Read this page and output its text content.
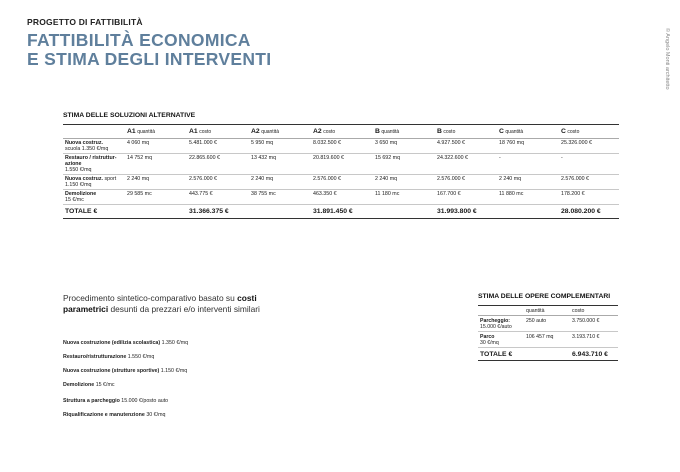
PROGETTO DI FATTIBILITÀ
FATTIBILITÀ ECONOMICA
E STIMA DEGLI INTERVENTI	© Angelo Monti architetto
STIMA DELLE SOLUZIONI ALTERNATIVE
	A1 quantità	A1 costo	A2 quantità	A2 costo	B quantità	B costo	C quantità	C costo
Nuova costruz.
scuola 1.350 €/mq	4 060 mq	5.481.000 €	5 950 mq	8.032.500 €	3 650 mq	4.927.500 €	18 760 mq	25.326.000 €
Restauro / ristruttur- azione
1.550 €/mq	14 752 mq	22.865.600 €	13 432 mq	20.819.600 €	15 692 mq	24.322.600 €	-	-
Nuova costruz. sport 1.150 €/mq	2 240 mq	2.576.000 €	2 240 mq	2.576.000 €	2 240 mq	2.576.000 €	2 240 mq	2.576.000 €
Demolizione
15 €/mc	29 585 mc	443.775 €	38 755 mc	463.350 €	11 180 mc	167.700 €	11 880 mc	178.200 €
TOTALE €		31.366.375 €		31.891.450 €		31.993.800 €		28.080.200 €
Procedimento sintetico-comparativo basato su costi parametrici desunti da prezzari e/o interventi similari
Nuova costruzione (edilizia scolastica) 1.350 €/mq
Restauro/ristrutturazione 1.550 €/mq
Nuova costruzione (strutture sportive) 1.150 €/mq
Demolizione 15 €/mc
Struttura a parcheggio 15.000 €/posto auto
Riqualificazione e manutenzione 30 €/mq
STIMA DELLE OPERE COMPLEMENTARI
	quantità	costo
Parcheggio:
15.000 €/auto	250 auto	3.750.000 €
Parco
30 €/mq	106 457 mq	3.193.710 €
TOTALE €		6.943.710 €
